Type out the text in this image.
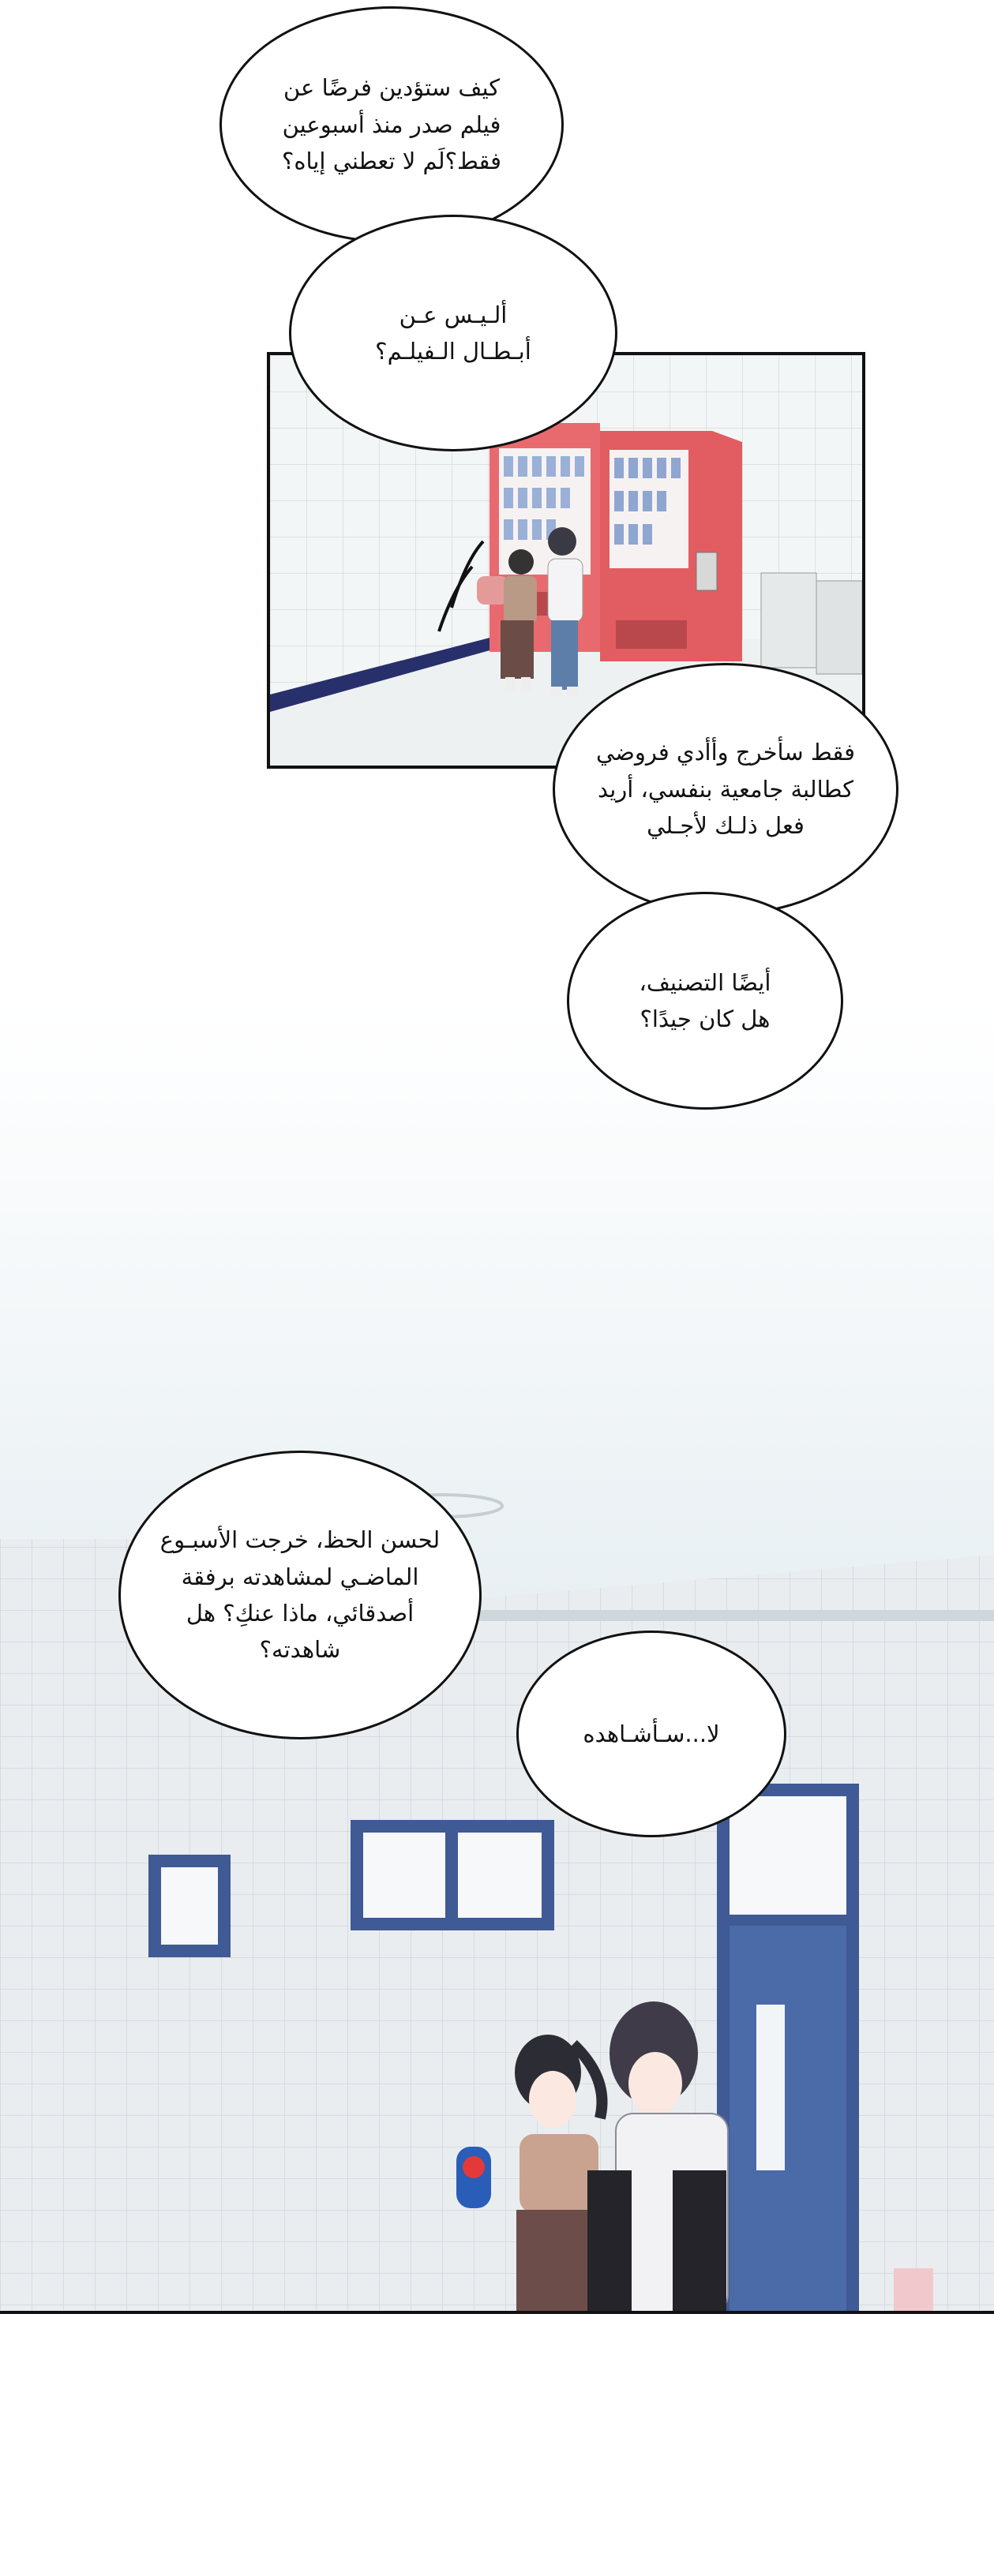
كيف ستؤدين فرضًا عن
فيلم صدر منذ أسبوعين
فقط؟لَم لا تعطني إياه؟
ألـيـس عـن
أبـطـال الـفيلـم؟
فقط سأخرج وأأدي فروضي
كطالبة جامعية بنفسي، أريد
فعل ذلـك لأجـلي
أيضًا التصنيف،
هل كان جيدًا؟
لحسن الحظ، خرجت الأسبـوع
الماضـي لمشاهدته برفقة
أصدقائي، ماذا عنكِ؟ هل
شاهدته؟
لا...سـأشـاهده
